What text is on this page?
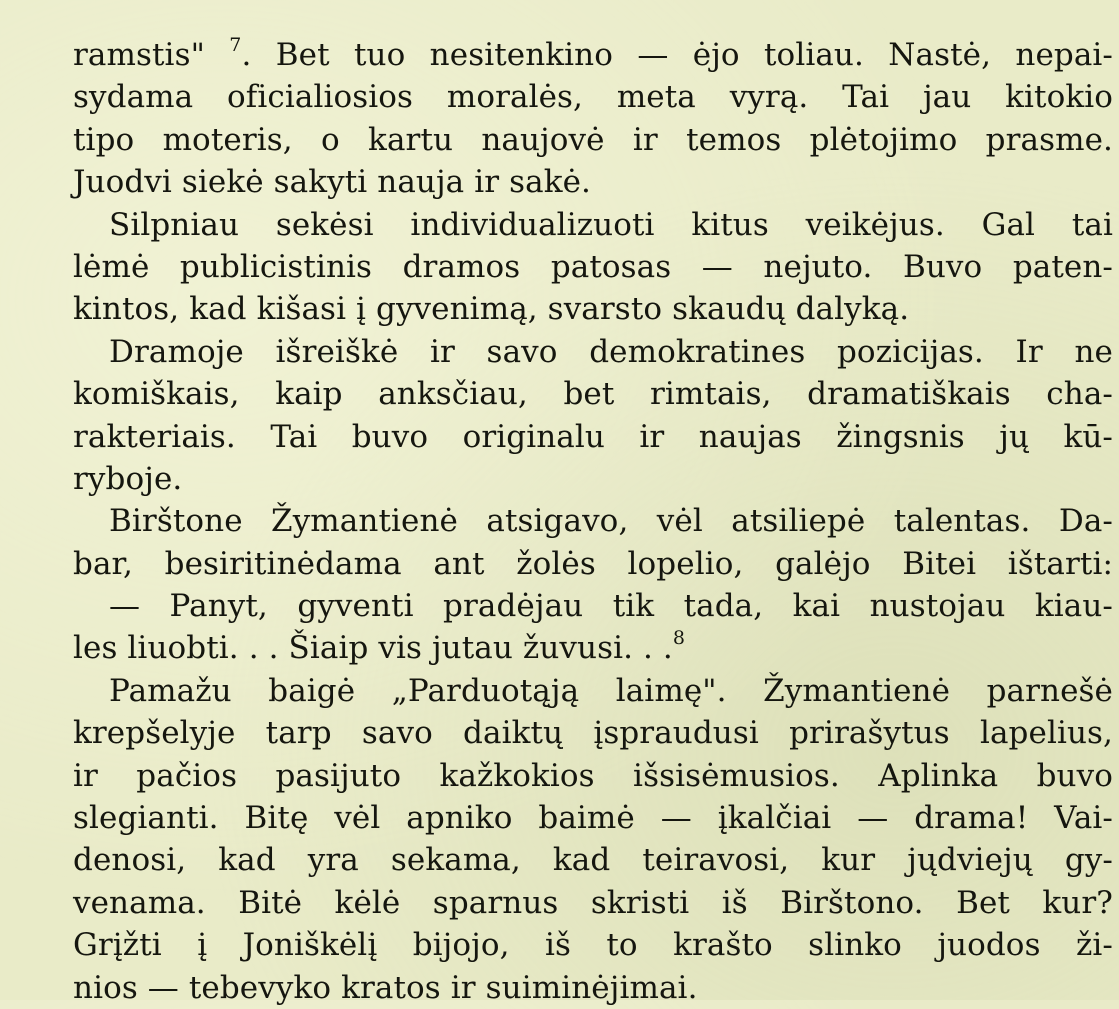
ramstis" $^7$. Bet tuo nesitenkino — ėjo toliau. Nastė, nepai-
sydama oficialiosios moralės, meta vyrą. Tai jau kitokio
tipo moteris, o kartu naujovė ir temos plėtojimo prasme.
Juodvi siekė sakyti nauja ir sakė.
Silpniau sekėsi individualizuoti kitus veikėjus. Gal tai
lėmė publicistinis dramos patosas — nejuto. Buvo paten-
kintos, kad kišasi į gyvenimą, svarsto skaudų dalyką.
Dramoje išreiškė ir savo demokratines pozicijas. Ir ne
komiškais, kaip anksčiau, bet rimtais, dramatiškais cha-
rakteriais. Tai buvo originalu ir naujas žingsnis jų kū-
ryboje.
Birštone Žymantienė atsigavo, vėl atsiliepė talentas. Da-
bar, besiritinėdama ant žolės lopelio, galėjo Bitei ištarti:
— Panyt, gyventi pradėjau tik tada, kai nustojau kiau-
les liuobti. . . Šiaip vis jutau žuvusi. . .$^8$
Pamažu baigė „Parduotąją laimę". Žymantienė parnešė
krepšelyje tarp savo daiktų įspraudusi prirašytus lapelius,
ir pačios pasijuto kažkokios išsisėmusios. Aplinka buvo
slegianti. Bitę vėl apniko baimė — įkalčiai — drama! Vai-
denosi, kad yra sekama, kad teiravosi, kur jųdviejų gy-
venama. Bitė kėlė sparnus skristi iš Birštono. Bet kur?
Grįžti į Joniškėlį bijojo, iš to krašto slinko juodos ži-
nios — tebevyko kratos ir suiminėjimai.
